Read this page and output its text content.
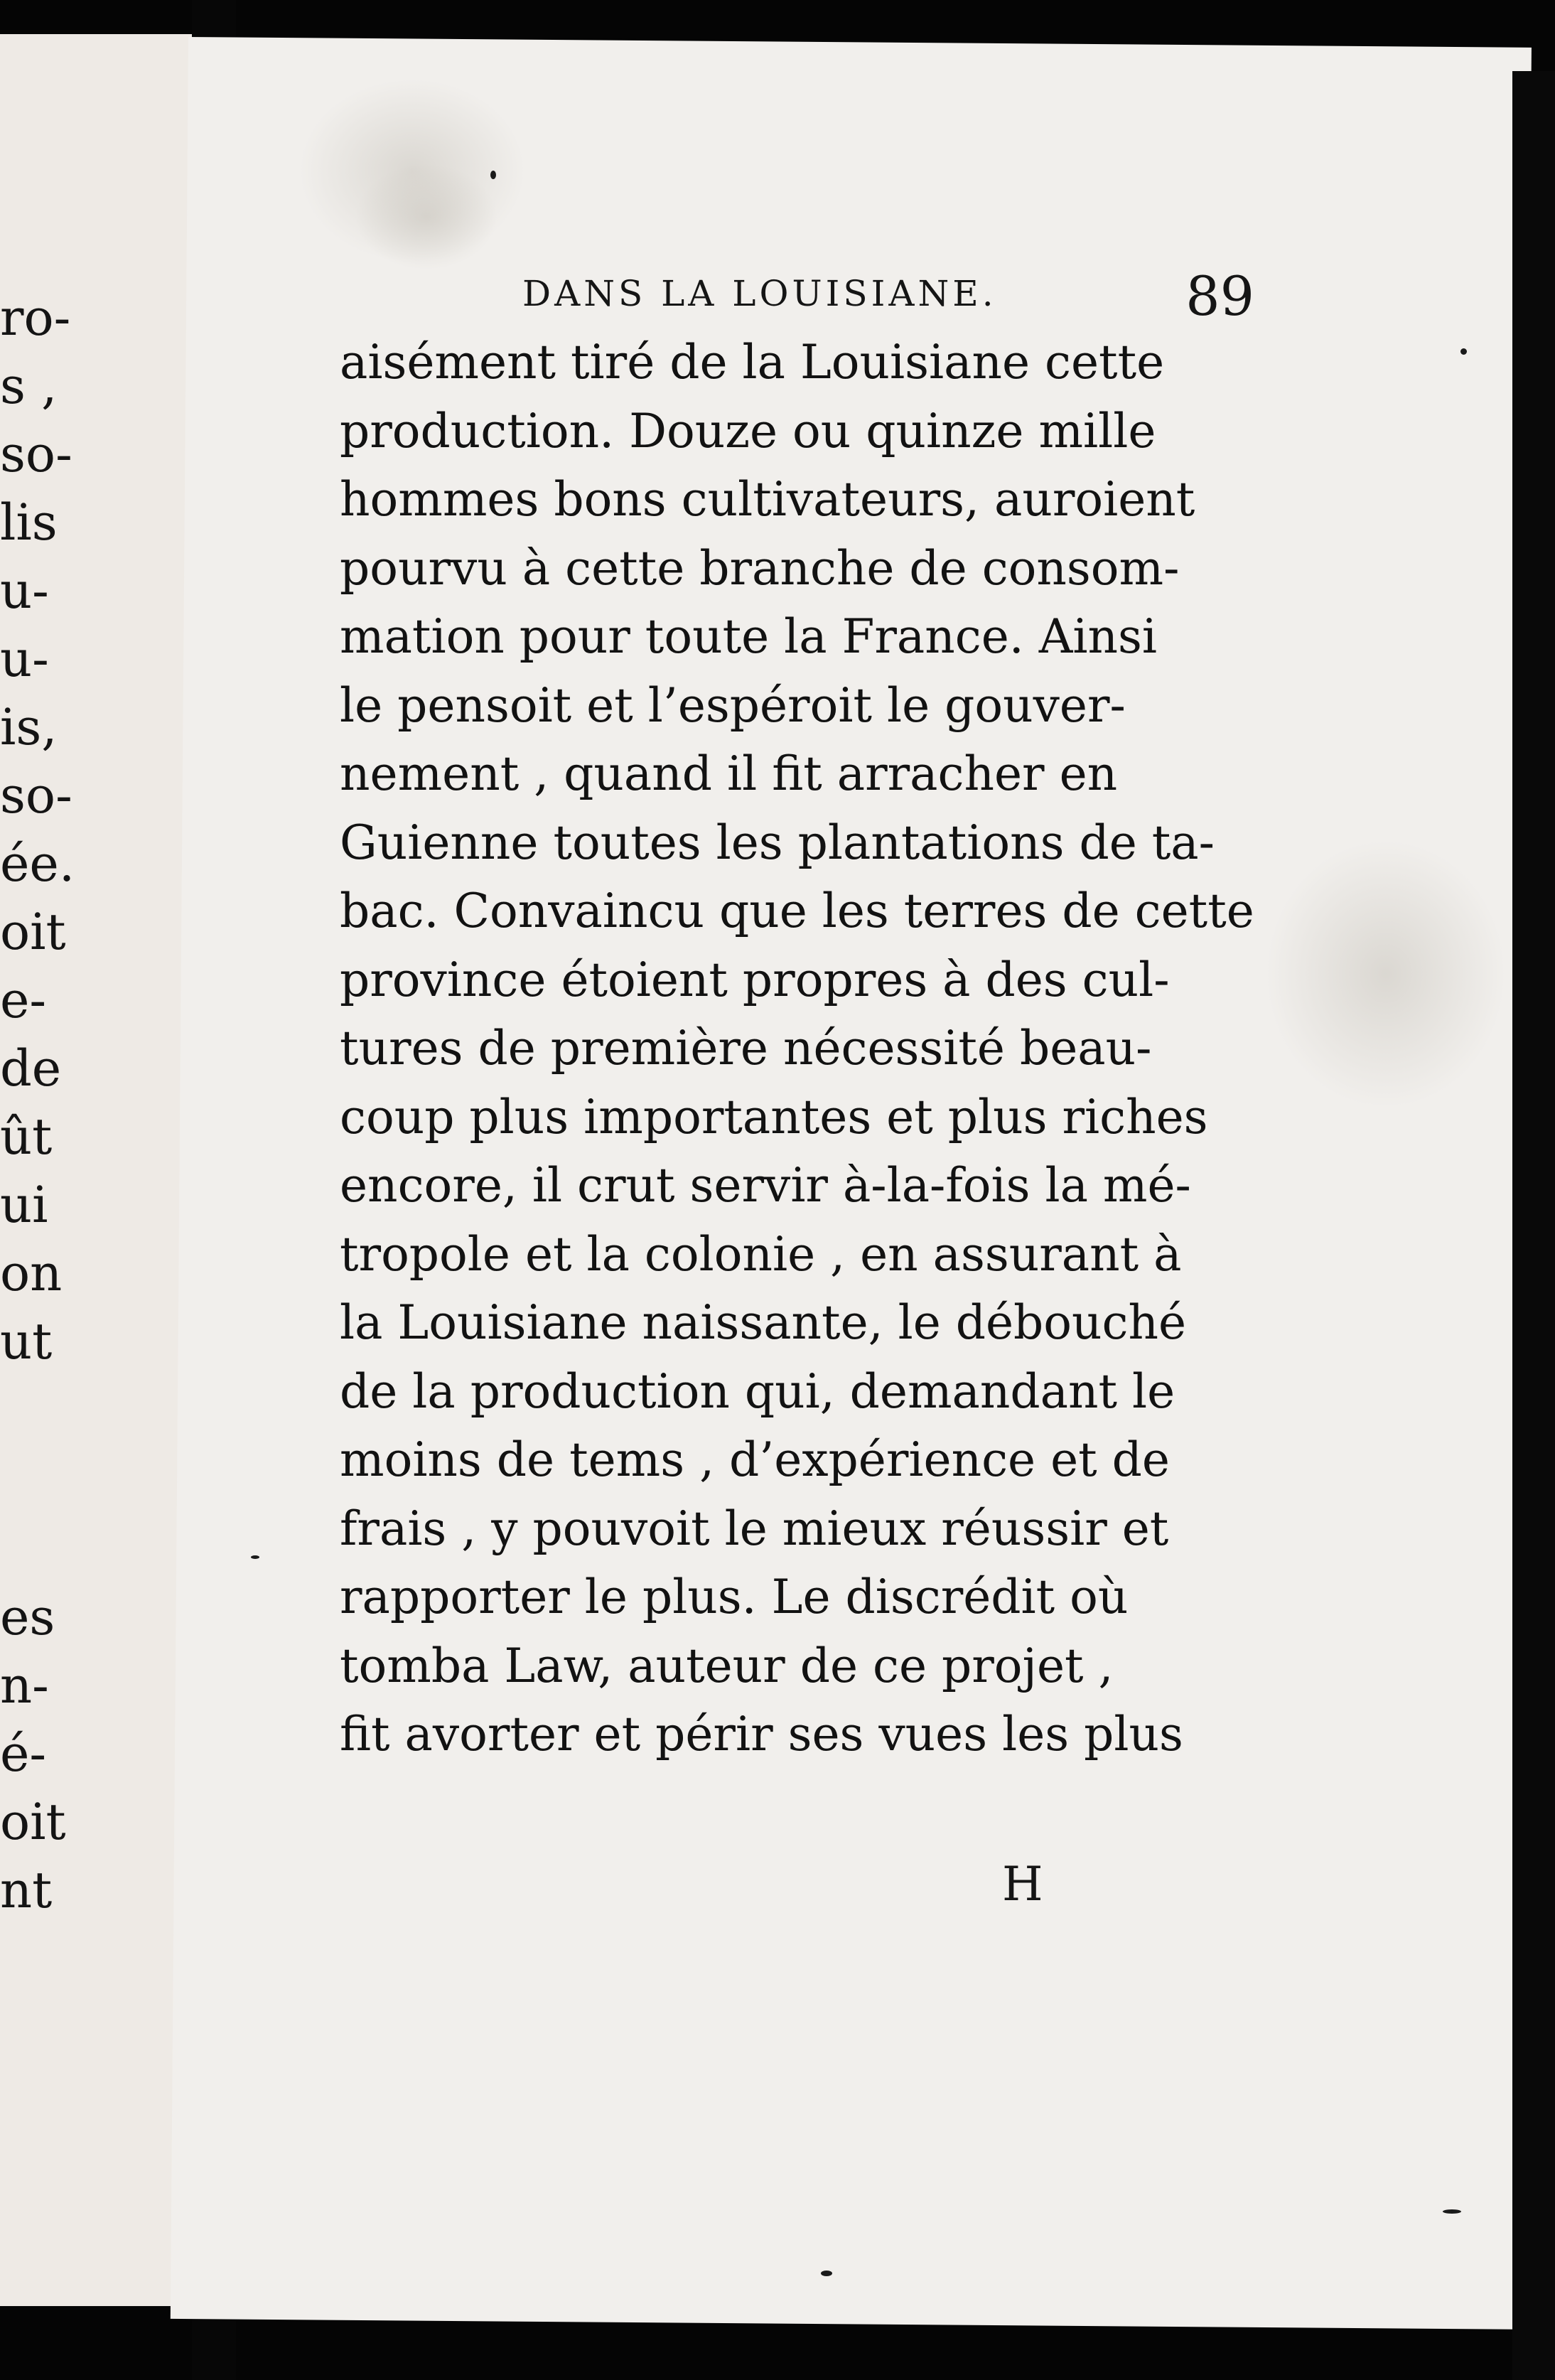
ro-
s ,
so-
lis
u-
u-
is,
so-
ée.
oit
e-
de
ût
ui
on
ut
es
n-
é-
oit
nt
DANS LA LOUISIANE.	89
aisément tiré de la Louisiane cette
production. Douze ou quinze mille
hommes bons cultivateurs, auroient
pourvu à cette branche de consom-
mation pour toute la France. Ainsi
le pensoit et l’espéroit le gouver-
nement , quand il fit arracher en
Guienne toutes les plantations de ta-
bac. Convaincu que les terres de cette
province étoient propres à des cul-
tures de première nécessité beau-
coup plus importantes et plus riches
encore, il crut servir à-la-fois la mé-
tropole et la colonie , en assurant à
la Louisiane naissante, le débouché
de la production qui, demandant le
moins de tems , d’expérience et de
frais , y pouvoit le mieux réussir et
rapporter le plus. Le discrédit où
tomba Law, auteur de ce projet ,
fit avorter et périr ses vues les plus
H
